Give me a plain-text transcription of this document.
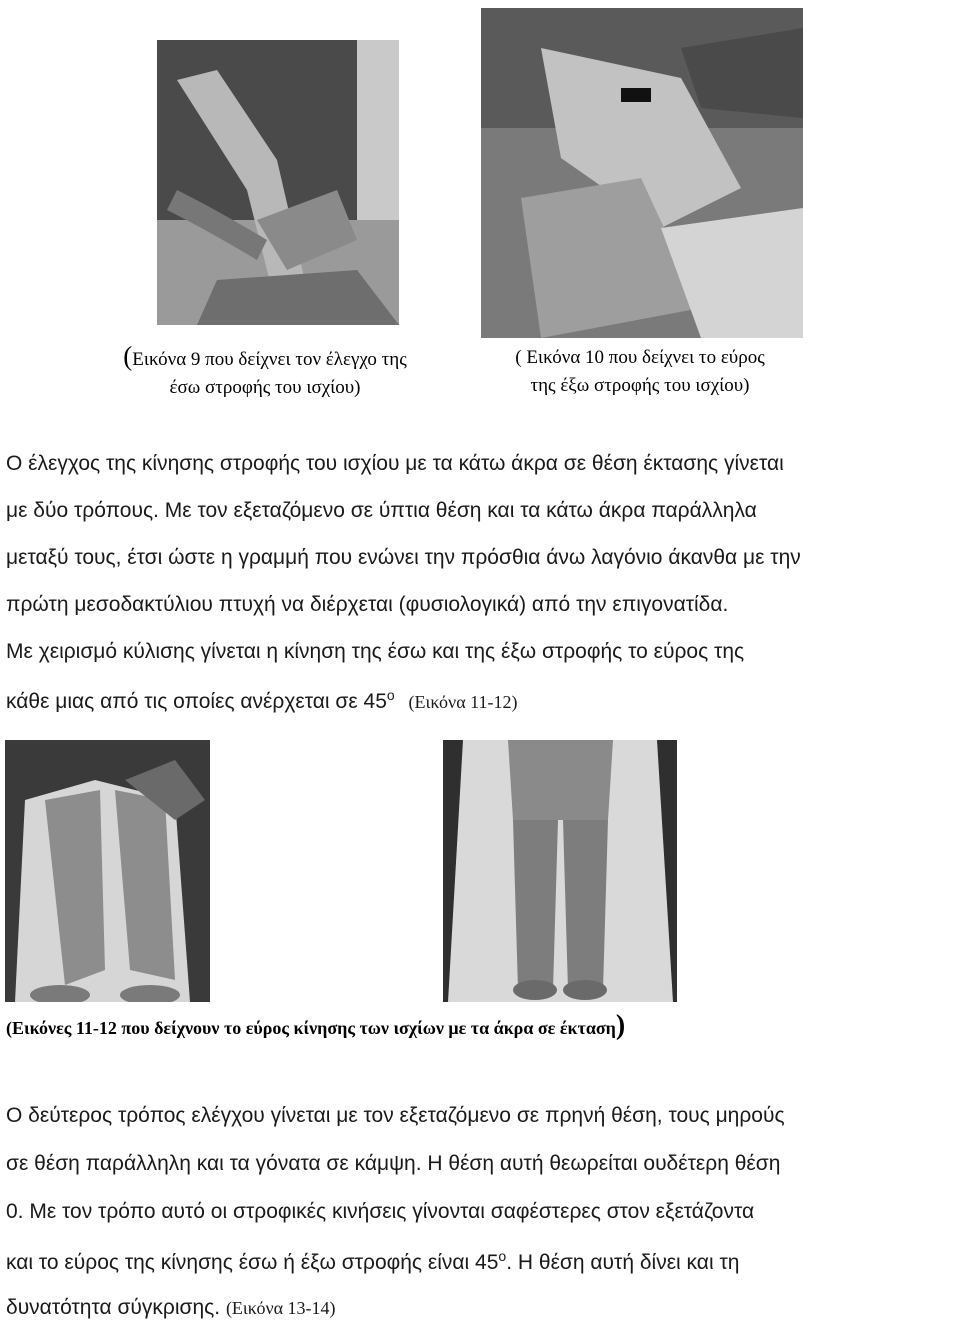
(Εικόνα 9 που δείχνει τον έλεγχο της
έσω στροφής του ισχίου)
( Εικόνα 10 που δείχνει το εύρος
της έξω στροφής του ισχίου)
Ο έλεγχος της κίνησης στροφής του ισχίου με τα κάτω άκρα σε θέση έκτασης γίνεται
με δύο τρόπους. Με τον εξεταζόμενο σε ύπτια θέση και τα κάτω άκρα παράλληλα
μεταξύ τους, έτσι ώστε η γραμμή που ενώνει την πρόσθια άνω λαγόνιο άκανθα με την
πρώτη μεσοδακτύλιου πτυχή να διέρχεται (φυσιολογικά) από την επιγονατίδα.
Με χειρισμό κύλισης γίνεται η κίνηση της έσω και της έξω στροφής το εύρος της
κάθε μιας από τις οποίες ανέρχεται σε $45^o$ (Εικόνα 11-12)
(Εικόνες 11-12 που δείχνουν το εύρος κίνησης των ισχίων με τα άκρα σε έκταση)
Ο δεύτερος τρόπος ελέγχου γίνεται με τον εξεταζόμενο σε πρηνή θέση, τους μηρούς
σε θέση παράλληλη και τα γόνατα σε κάμψη. Η θέση αυτή θεωρείται ουδέτερη θέση
0. Με τον τρόπο αυτό οι στροφικές κινήσεις γίνονται σαφέστερες στον εξετάζοντα
και το εύρος της κίνησης έσω ή έξω στροφής είναι $45^o$. Η θέση αυτή δίνει και τη
δυνατότητα σύγκρισης. (Εικόνα 13-14)
